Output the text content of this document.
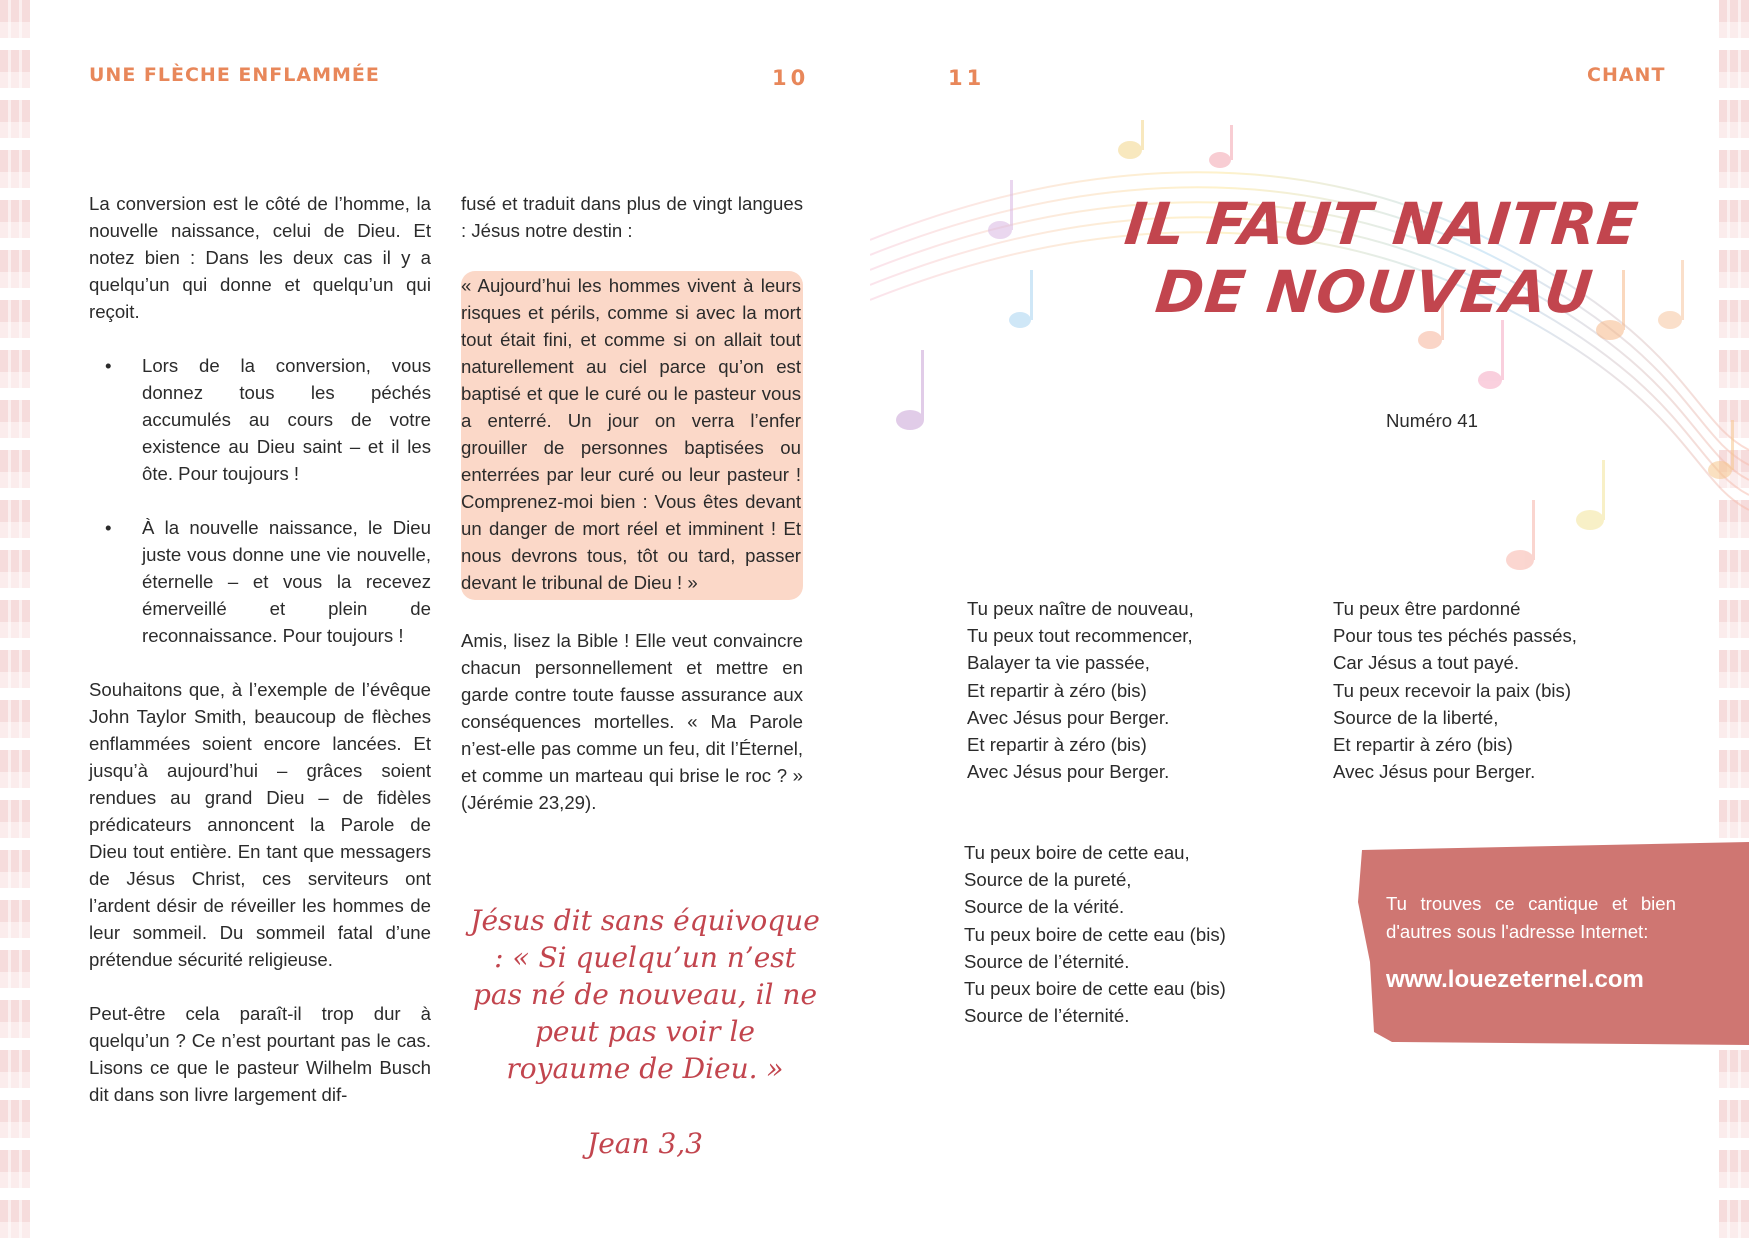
UNE FLÈCHE ENFLAMMÉE	10	11	CHANT

La conversion est le côté de l’homme, la nouvelle naissance, celui de Dieu. Et notez bien : Dans les deux cas il y a quelqu’un qui donne et quelqu’un qui reçoit.

• Lors de la conversion, vous donnez tous les péchés accumulés au cours de votre existence au Dieu saint – et il les ôte. Pour toujours !
• À la nouvelle naissance, le Dieu juste vous donne une vie nouvelle, éternelle – et vous la recevez émerveillé et plein de reconnaissance. Pour toujours !

Souhaitons que, à l’exemple de l’évêque John Taylor Smith, beaucoup de flèches enflammées soient encore lancées. Et jusqu’à aujourd’hui – grâces soient rendues au grand Dieu – de fidèles prédicateurs annoncent la Parole de Dieu tout entière. En tant que messagers de Jésus Christ, ces serviteurs ont l’ardent désir de réveiller les hommes de leur sommeil. Du sommeil fatal d’une prétendue sécurité religieuse.

Peut-être cela paraît-il trop dur à quelqu’un ? Ce n’est pourtant pas le cas. Lisons ce que le pasteur Wilhelm Busch dit dans son livre largement dif-

fusé et traduit dans plus de vingt langues : Jésus notre destin :

« Aujourd’hui les hommes vivent à leurs risques et périls, comme si avec la mort tout était fini, et comme si on allait tout naturellement au ciel parce qu’on est baptisé et que le curé ou le pasteur vous a enterré. Un jour on verra l’enfer grouiller de personnes baptisées ou enterrées par leur curé ou leur pasteur ! Comprenez-moi bien : Vous êtes devant un danger de mort réel et imminent ! Et nous devrons tous, tôt ou tard, passer devant le tribunal de Dieu ! »

Amis, lisez la Bible ! Elle veut convaincre chacun personnellement et mettre en garde contre toute fausse assurance aux conséquences mortelles. « Ma Parole n’est-elle pas comme un feu, dit l’Éternel, et comme un marteau qui brise le roc ? » (Jérémie 23,29).

Jésus dit sans équivoque : « Si quelqu’un n’est pas né de nouveau, il ne peut pas voir le royaume de Dieu. »
Jean 3,3
IL FAUT NAITRE
DE NOUVEAU
Numéro 41
Tu peux naître de nouveau,
Tu peux tout recommencer,
Balayer ta vie passée,
Et repartir à zéro (bis)
Avec Jésus pour Berger.
Et repartir à zéro (bis)
Avec Jésus pour Berger.
Tu peux être pardonné
Pour tous tes péchés passés,
Car Jésus a tout payé.
Tu peux recevoir la paix (bis)
Source de la liberté,
Et repartir à zéro (bis)
Avec Jésus pour Berger.
Tu peux boire de cette eau,
Source de la pureté,
Source de la vérité.
Tu peux boire de cette eau (bis)
Source de l’éternité.
Tu peux boire de cette eau (bis)
Source de l’éternité.
Tu trouves ce cantique et bien d'autres sous l'adresse Internet:
www.louezeternel.com
